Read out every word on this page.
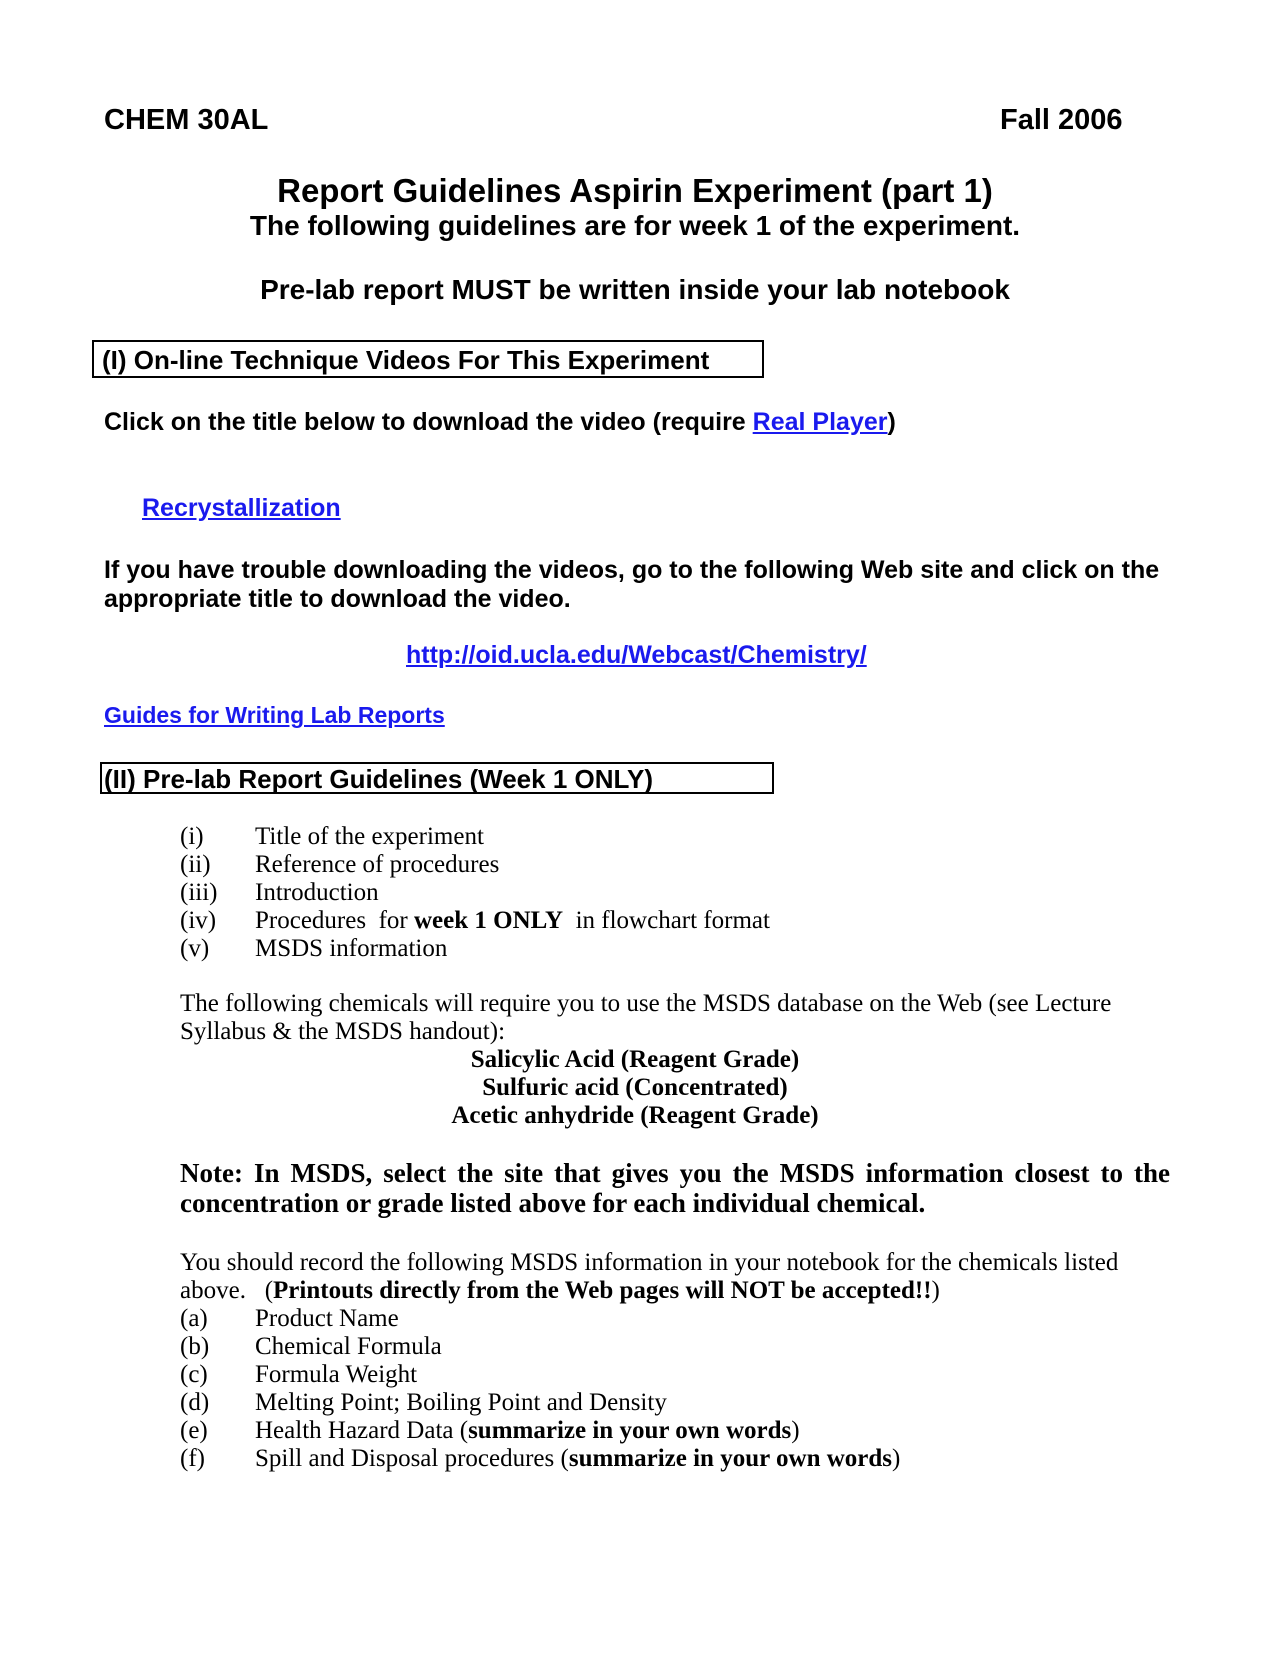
CHEM 30AL	Fall 2006
Report Guidelines Aspirin Experiment (part 1)
The following guidelines are for week 1 of the experiment.
Pre-lab report MUST be written inside your lab notebook
(I) On-line Technique Videos For This Experiment
Click on the title below to download the video (require Real Player)
Recrystallization
If you have trouble downloading the videos, go to the following Web site and click on the
appropriate title to download the video.
http://oid.ucla.edu/Webcast/Chemistry/
Guides for Writing Lab Reports
(II) Pre-lab Report Guidelines (Week 1 ONLY)
(i) Title of the experiment
(ii) Reference of procedures
(iii) Introduction
(iv) Procedures  for week 1 ONLY  in flowchart format
(v) MSDS information
The following chemicals will require you to use the MSDS database on the Web (see Lecture
Syllabus & the MSDS handout):
Salicylic Acid (Reagent Grade)
Sulfuric acid (Concentrated)
Acetic anhydride (Reagent Grade)
Note: In MSDS, select the site that gives you the MSDS information closest to the
concentration or grade listed above for each individual chemical.
You should record the following MSDS information in your notebook for the chemicals listed
above.   (Printouts directly from the Web pages will NOT be accepted!!)
(a) Product Name
(b) Chemical Formula
(c) Formula Weight
(d) Melting Point; Boiling Point and Density
(e) Health Hazard Data (summarize in your own words)
(f) Spill and Disposal procedures (summarize in your own words)
